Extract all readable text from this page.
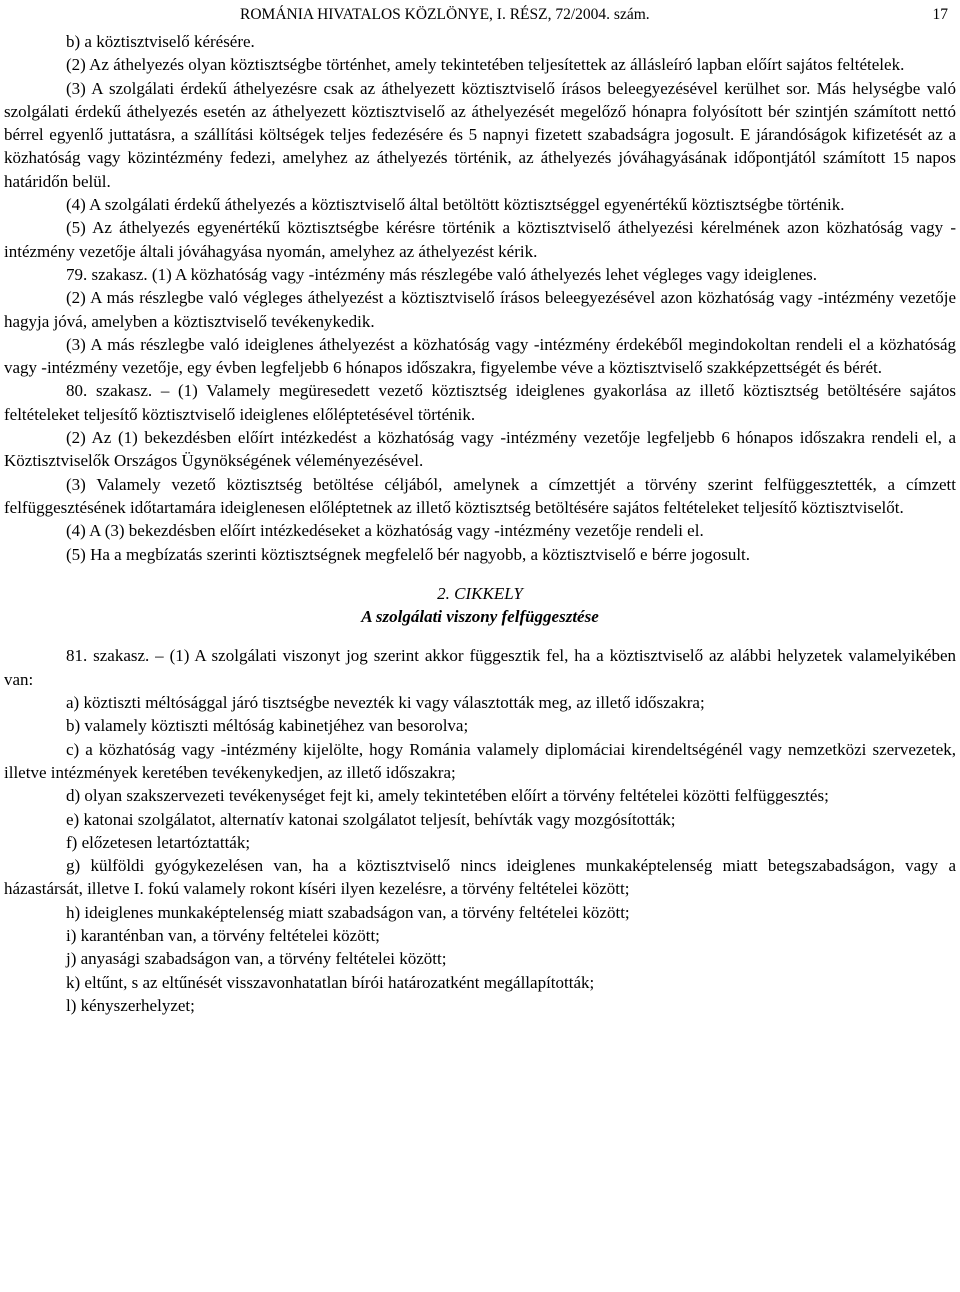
ROMÁNIA HIVATALOS KÖZLÖNYE, I. RÉSZ, 72/2004. szám.	17

b) a köztisztviselő kérésére.

(2) Az áthelyezés olyan köztisztségbe történhet, amely tekintetében teljesítettek az állásleíró lapban előírt sajátos feltételek.

(3) A szolgálati érdekű áthelyezésre csak az áthelyezett köztisztviselő írásos beleegyezésével kerülhet sor. Más helységbe való szolgálati érdekű áthelyezés esetén az áthelyezett köztisztviselő az áthelyezését megelőző hónapra folyósított bér szintjén számított nettó bérrel egyenlő juttatásra, a szállítási költségek teljes fedezésére és 5 napnyi fizetett szabadságra jogosult. E járandóságok kifizetését az a közhatóság vagy közintézmény fedezi, amelyhez az áthelyezés történik, az áthelyezés jóváhagyásának időpontjától számított 15 napos határidőn belül.

(4) A szolgálati érdekű áthelyezés a köztisztviselő által betöltött köztisztséggel egyenértékű köztisztségbe történik.

(5) Az áthelyezés egyenértékű köztisztségbe kérésre történik a köztisztviselő áthelyezési kérelmének azon közhatóság vagy -intézmény vezetője általi jóváhagyása nyomán, amelyhez az áthelyezést kérik.

79. szakasz. (1) A közhatóság vagy -intézmény más részlegébe való áthelyezés lehet végleges vagy ideiglenes.

(2) A más részlegbe való végleges áthelyezést a köztisztviselő írásos beleegyezésével azon közhatóság vagy -intézmény vezetője hagyja jóvá, amelyben a köztisztviselő tevékenykedik.

(3) A más részlegbe való ideiglenes áthelyezést a közhatóság vagy -intézmény érdekéből megindokoltan rendeli el a közhatóság vagy -intézmény vezetője, egy évben legfeljebb 6 hónapos időszakra, figyelembe véve a köztisztviselő szakképzettségét és bérét.

80. szakasz. – (1) Valamely megüresedett vezető köztisztség ideiglenes gyakorlása az illető köztisztség betöltésére sajátos feltételeket teljesítő köztisztviselő ideiglenes előléptetésével történik.

(2) Az (1) bekezdésben előírt intézkedést a közhatóság vagy -intézmény vezetője legfeljebb 6 hónapos időszakra rendeli el, a Köztisztviselők Országos Ügynökségének véleményezésével.

(3) Valamely vezető köztisztség betöltése céljából, amelynek a címzettjét a törvény szerint felfüggesztették, a címzett felfüggesztésének időtartamára ideiglenesen előléptetnek az illető köztisztség betöltésére sajátos feltételeket teljesítő köztisztviselőt.

(4) A (3) bekezdésben előírt intézkedéseket a közhatóság vagy -intézmény vezetője rendeli el.

(5) Ha a megbízatás szerinti köztisztségnek megfelelő bér nagyobb, a köztisztviselő e bérre jogosult.

2. CIKKELY

A szolgálati viszony felfüggesztése

81. szakasz. – (1) A szolgálati viszonyt jog szerint akkor függesztik fel, ha a köztisztviselő az alábbi helyzetek valamelyikében van:

a) köztiszti méltósággal járó tisztségbe nevezték ki vagy választották meg, az illető időszakra;

b) valamely köztiszti méltóság kabinetjéhez van besorolva;

c) a közhatóság vagy -intézmény kijelölte, hogy Románia valamely diplomáciai kirendeltségénél vagy nemzetközi szervezetek, illetve intézmények keretében tevékenykedjen, az illető időszakra;

d) olyan szakszervezeti tevékenységet fejt ki, amely tekintetében előírt a törvény feltételei közötti felfüggesztés;

e) katonai szolgálatot, alternatív katonai szolgálatot teljesít, behívták vagy mozgósították;

f) előzetesen letartóztatták;

g) külföldi gyógykezelésen van, ha a köztisztviselő nincs ideiglenes munkaképtelenség miatt betegszabadságon, vagy a házastársát, illetve I. fokú valamely rokont kíséri ilyen kezelésre, a törvény feltételei között;

h) ideiglenes munkaképtelenség miatt szabadságon van, a törvény feltételei között;

i) karanténban van, a törvény feltételei között;

j) anyasági szabadságon van, a törvény feltételei között;

k) eltűnt, s az eltűnését visszavonhatatlan bírói határozatként megállapították;

l) kényszerhelyzet;
